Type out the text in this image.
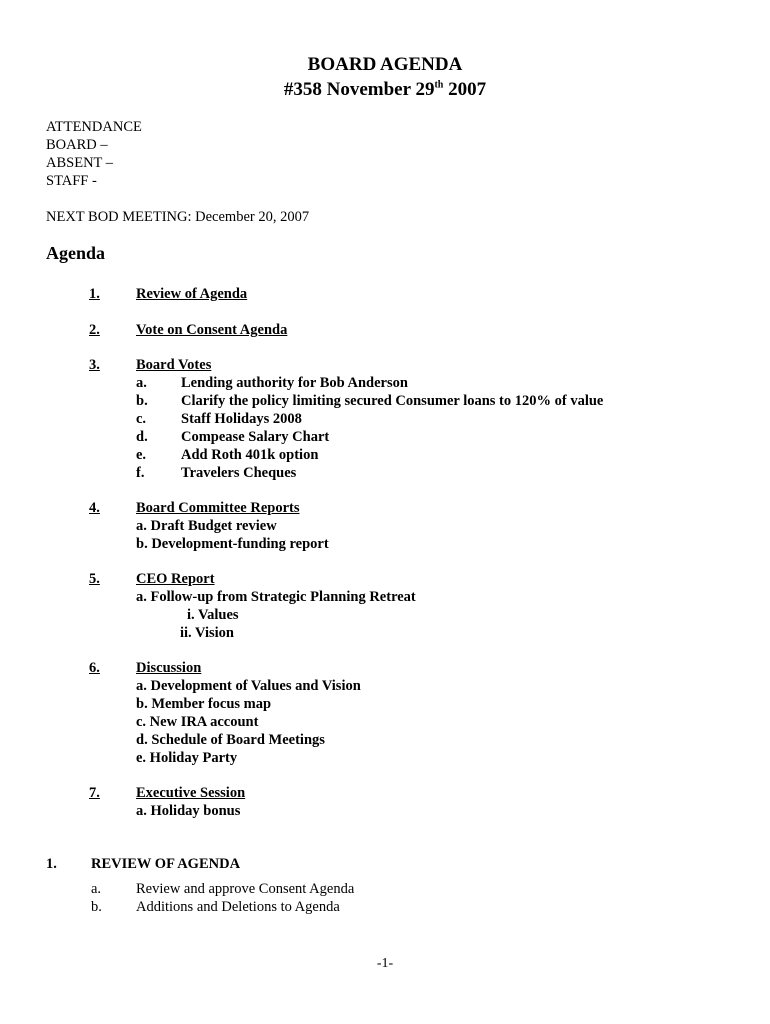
BOARD AGENDA
#358 November 29th 2007
ATTENDANCE
BOARD –
ABSENT –
STAFF -
NEXT BOD MEETING: December 20, 2007
Agenda
1. Review of Agenda
2. Vote on Consent Agenda
3. Board Votes
a. Lending authority for Bob Anderson
b. Clarify the policy limiting secured Consumer loans to 120% of value
c. Staff Holidays 2008
d. Compease Salary Chart
e. Add Roth 401k option
f.	Travelers Cheques
4. Board Committee Reports
a. Draft Budget review
b. Development-funding report
5. CEO Report
a. Follow-up from Strategic Planning Retreat
i. Values
ii. Vision
6. Discussion
a. Development of Values and Vision
b. Member focus map
c. New IRA account
d. Schedule of Board Meetings
e. Holiday Party
7. Executive Session
a. Holiday bonus
1. REVIEW OF AGENDA
a. Review and approve Consent Agenda
b. Additions and Deletions to Agenda
-1-
